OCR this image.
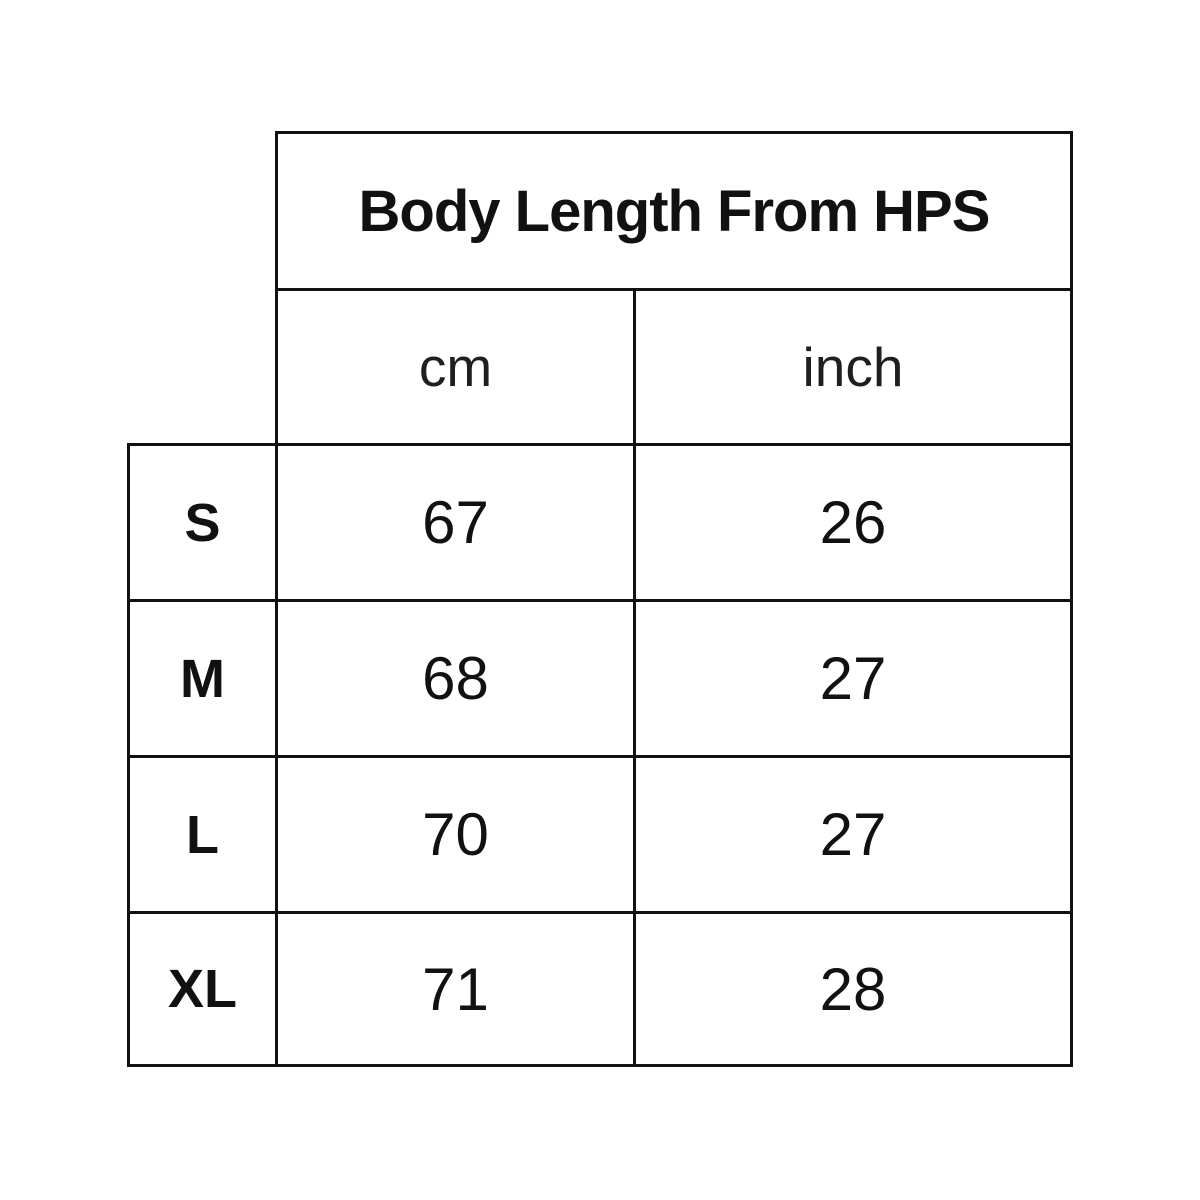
Body Length From HPS
cm	inch
S	67	26
M	68	27
L	70	27
XL	71	28
